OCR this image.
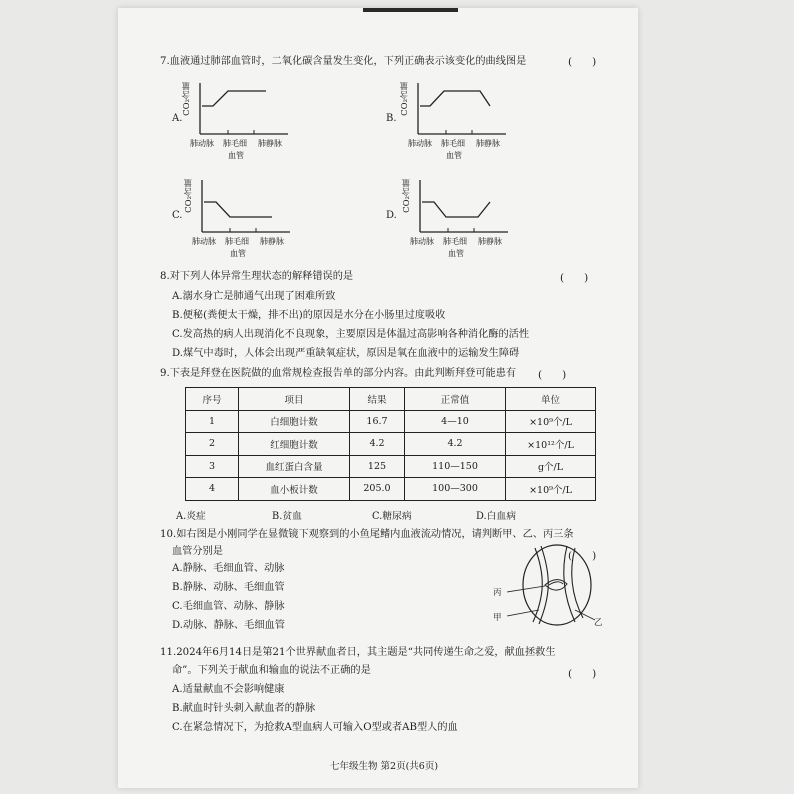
7.血液通过肺部血管时，二氧化碳含量发生变化，下列正确表示该变化的曲线图是	(      )
A.
CO₂含量
肺动脉 肺毛细 肺静脉
血管
B.
CO₂含量
肺动脉 肺毛细 肺静脉
血管
C.
CO₂含量
肺动脉 肺毛细 肺静脉
血管
D.
CO₂含量
肺动脉 肺毛细 肺静脉
血管
8.对下列人体异常生理状态的解释错误的是	(      )
A.溺水身亡是肺通气出现了困难所致
B.便秘(粪便太干燥，排不出)的原因是水分在小肠里过度吸收
C.发高热的病人出现消化不良现象，主要原因是体温过高影响各种消化酶的活性
D.煤气中毒时，人体会出现严重缺氧症状，原因是氧在血液中的运输发生障碍
9.下表是拜登在医院做的血常规检查报告单的部分内容。由此判断拜登可能患有 (      )
序号	项目	结果	正常值	单位
1	白细胞计数	16.7	4—10	×10⁹个/L
2	红细胞计数	4.2	4.2	×10¹²个/L
3	血红蛋白含量	125	110—150	g个/L
4	血小板计数	205.0	100—300	×10⁹个/L
A.炎症	B.贫血	C.糖尿病	D.白血病
10.如右图是小刚同学在显微镜下观察到的小鱼尾鳍内血液流动情况，请判断甲、乙、丙三条
血管分别是	(      )
A.静脉、毛细血管、动脉
B.静脉、动脉、毛细血管
C.毛细血管、动脉、静脉
D.动脉、静脉、毛细血管
丙
甲	乙
11.2024年6月14日是第21个世界献血者日，其主题是“共同传递生命之爱，献血拯救生
命”。下列关于献血和输血的说法不正确的是	(      )
A.适量献血不会影响健康
B.献血时针头刺入献血者的静脉
C.在紧急情况下，为抢救A型血病人可输入O型或者AB型人的血
七年级生物 第2页(共6页)
